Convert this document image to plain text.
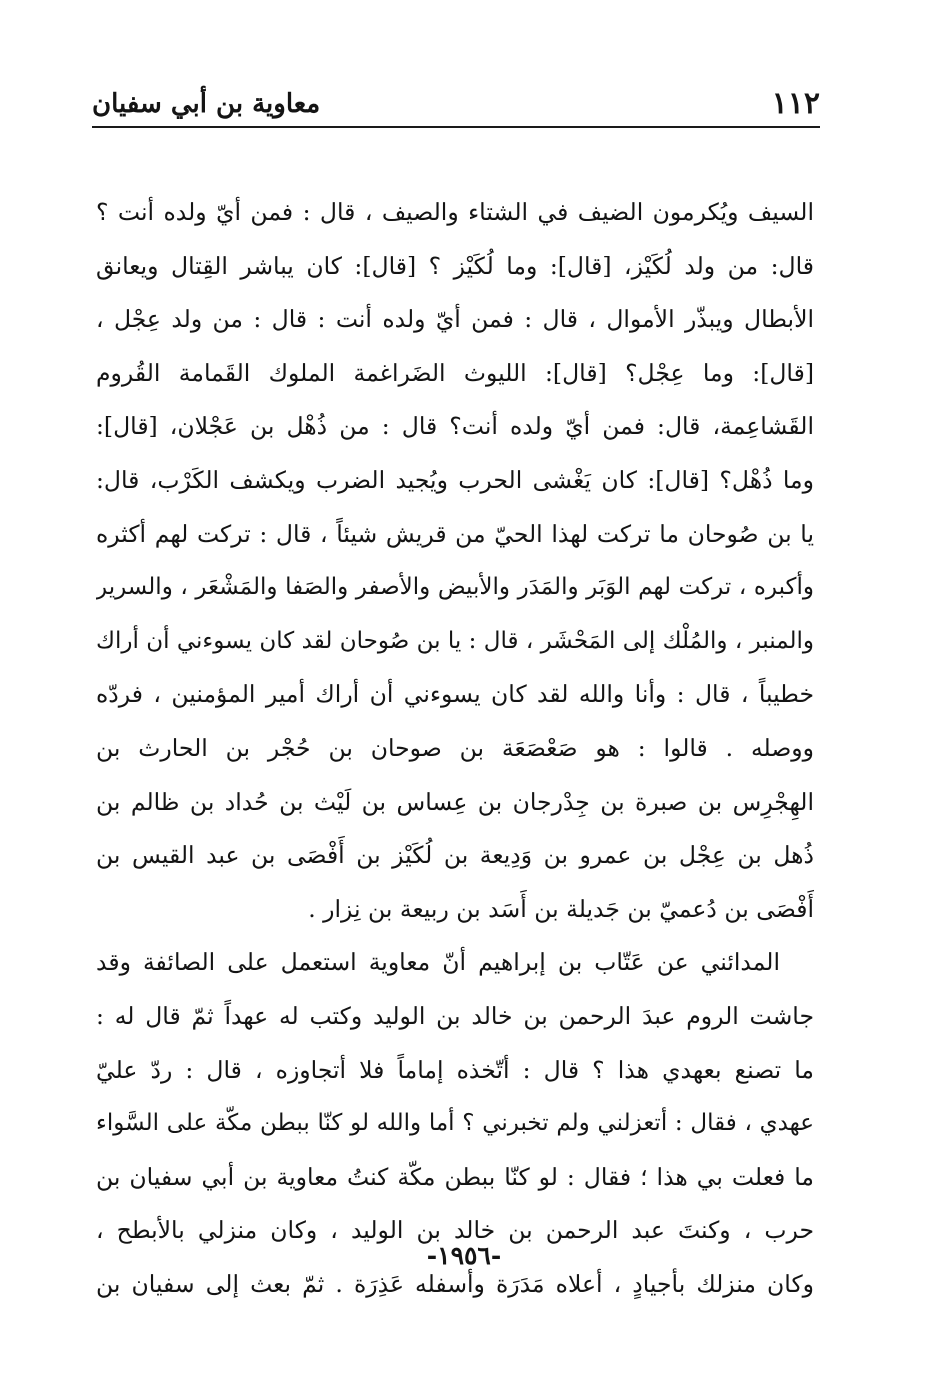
١١٢
معاوية بن أبي سفيان
السيف ويُكرمون الضيف في الشتاء والصيف ، قال : فمن أيّ ولده أنت ؟
قال: من ولد لُكَيْز، [قال]: وما لُكَيْز ؟ [قال]: كان يباشر القِتال ويعانق
الأبطال ويبذّر الأموال ، قال : فمن أيّ ولده أنت : قال : من ولد عِجْل ،
[قال]: وما عِجْل؟ [قال]: الليوث الضَراغمة الملوك القَمامة القُروم
القَشاعِمة، قال: فمن أيّ ولده أنت؟ قال : من ذُهْل بن عَجْلان، [قال]:
وما ذُهْل؟ [قال]: كان يَغْشى الحرب ويُجيد الضرب ويكشف الكَرْب، قال:
يا بن صُوحان ما تركت لهذا الحيّ من قريش شيئاً ، قال : تركت لهم أكثره
وأكبره ، تركت لهم الوَبَر والمَدَر والأبيض والأصفر والصَفا والمَشْعَر ، والسرير
والمنبر ، والمُلْك إلى المَحْشَر ، قال : يا بن صُوحان لقد كان يسوءني أن أراك
خطيباً ، قال : وأنا والله لقد كان يسوءني أن أراك أمير المؤمنين ، فردّه
ووصله . قالوا : هو صَعْصَعَة بن صوحان بن حُجْر بن الحارث بن
الهِجْرِس بن صبرة بن جِدْرجان بن عِساس بن لَيْث بن حُداد بن ظالم بن
ذُهل بن عِجْل بن عمرو بن وَدِيعة بن لُكَيْز بن أَفْصَى بن عبد القيس بن
أَفْصَى بن دُعميّ بن جَديلة بن أَسَد بن ربيعة بن نِزار .
المدائني عن عَتّاب بن إبراهيم أنّ معاوية استعمل على الصائفة وقد
جاشت الروم عبدَ الرحمن بن خالد بن الوليد وكتب له عهداً ثمّ قال له :
ما تصنع بعهدي هذا ؟ قال : أتّخذه إماماً فلا أتجاوزه ، قال : ردّ عليّ
عهدي ، فقال : أتعزلني ولم تخبرني ؟ أما والله لو كنّا ببطن مكّة على السَّواء
ما فعلت بي هذا ؛ فقال : لو كنّا ببطن مكّة كنتُ معاوية بن أبي سفيان بن
حرب ، وكنتَ عبد الرحمن بن خالد بن الوليد ، وكان منزلي بالأبطح ،
وكان منزلك بأجيادٍ ، أعلاه مَدَرَة وأسفله عَذِرَة . ثمّ بعث إلى سفيان بن
-١٩٥٦-
